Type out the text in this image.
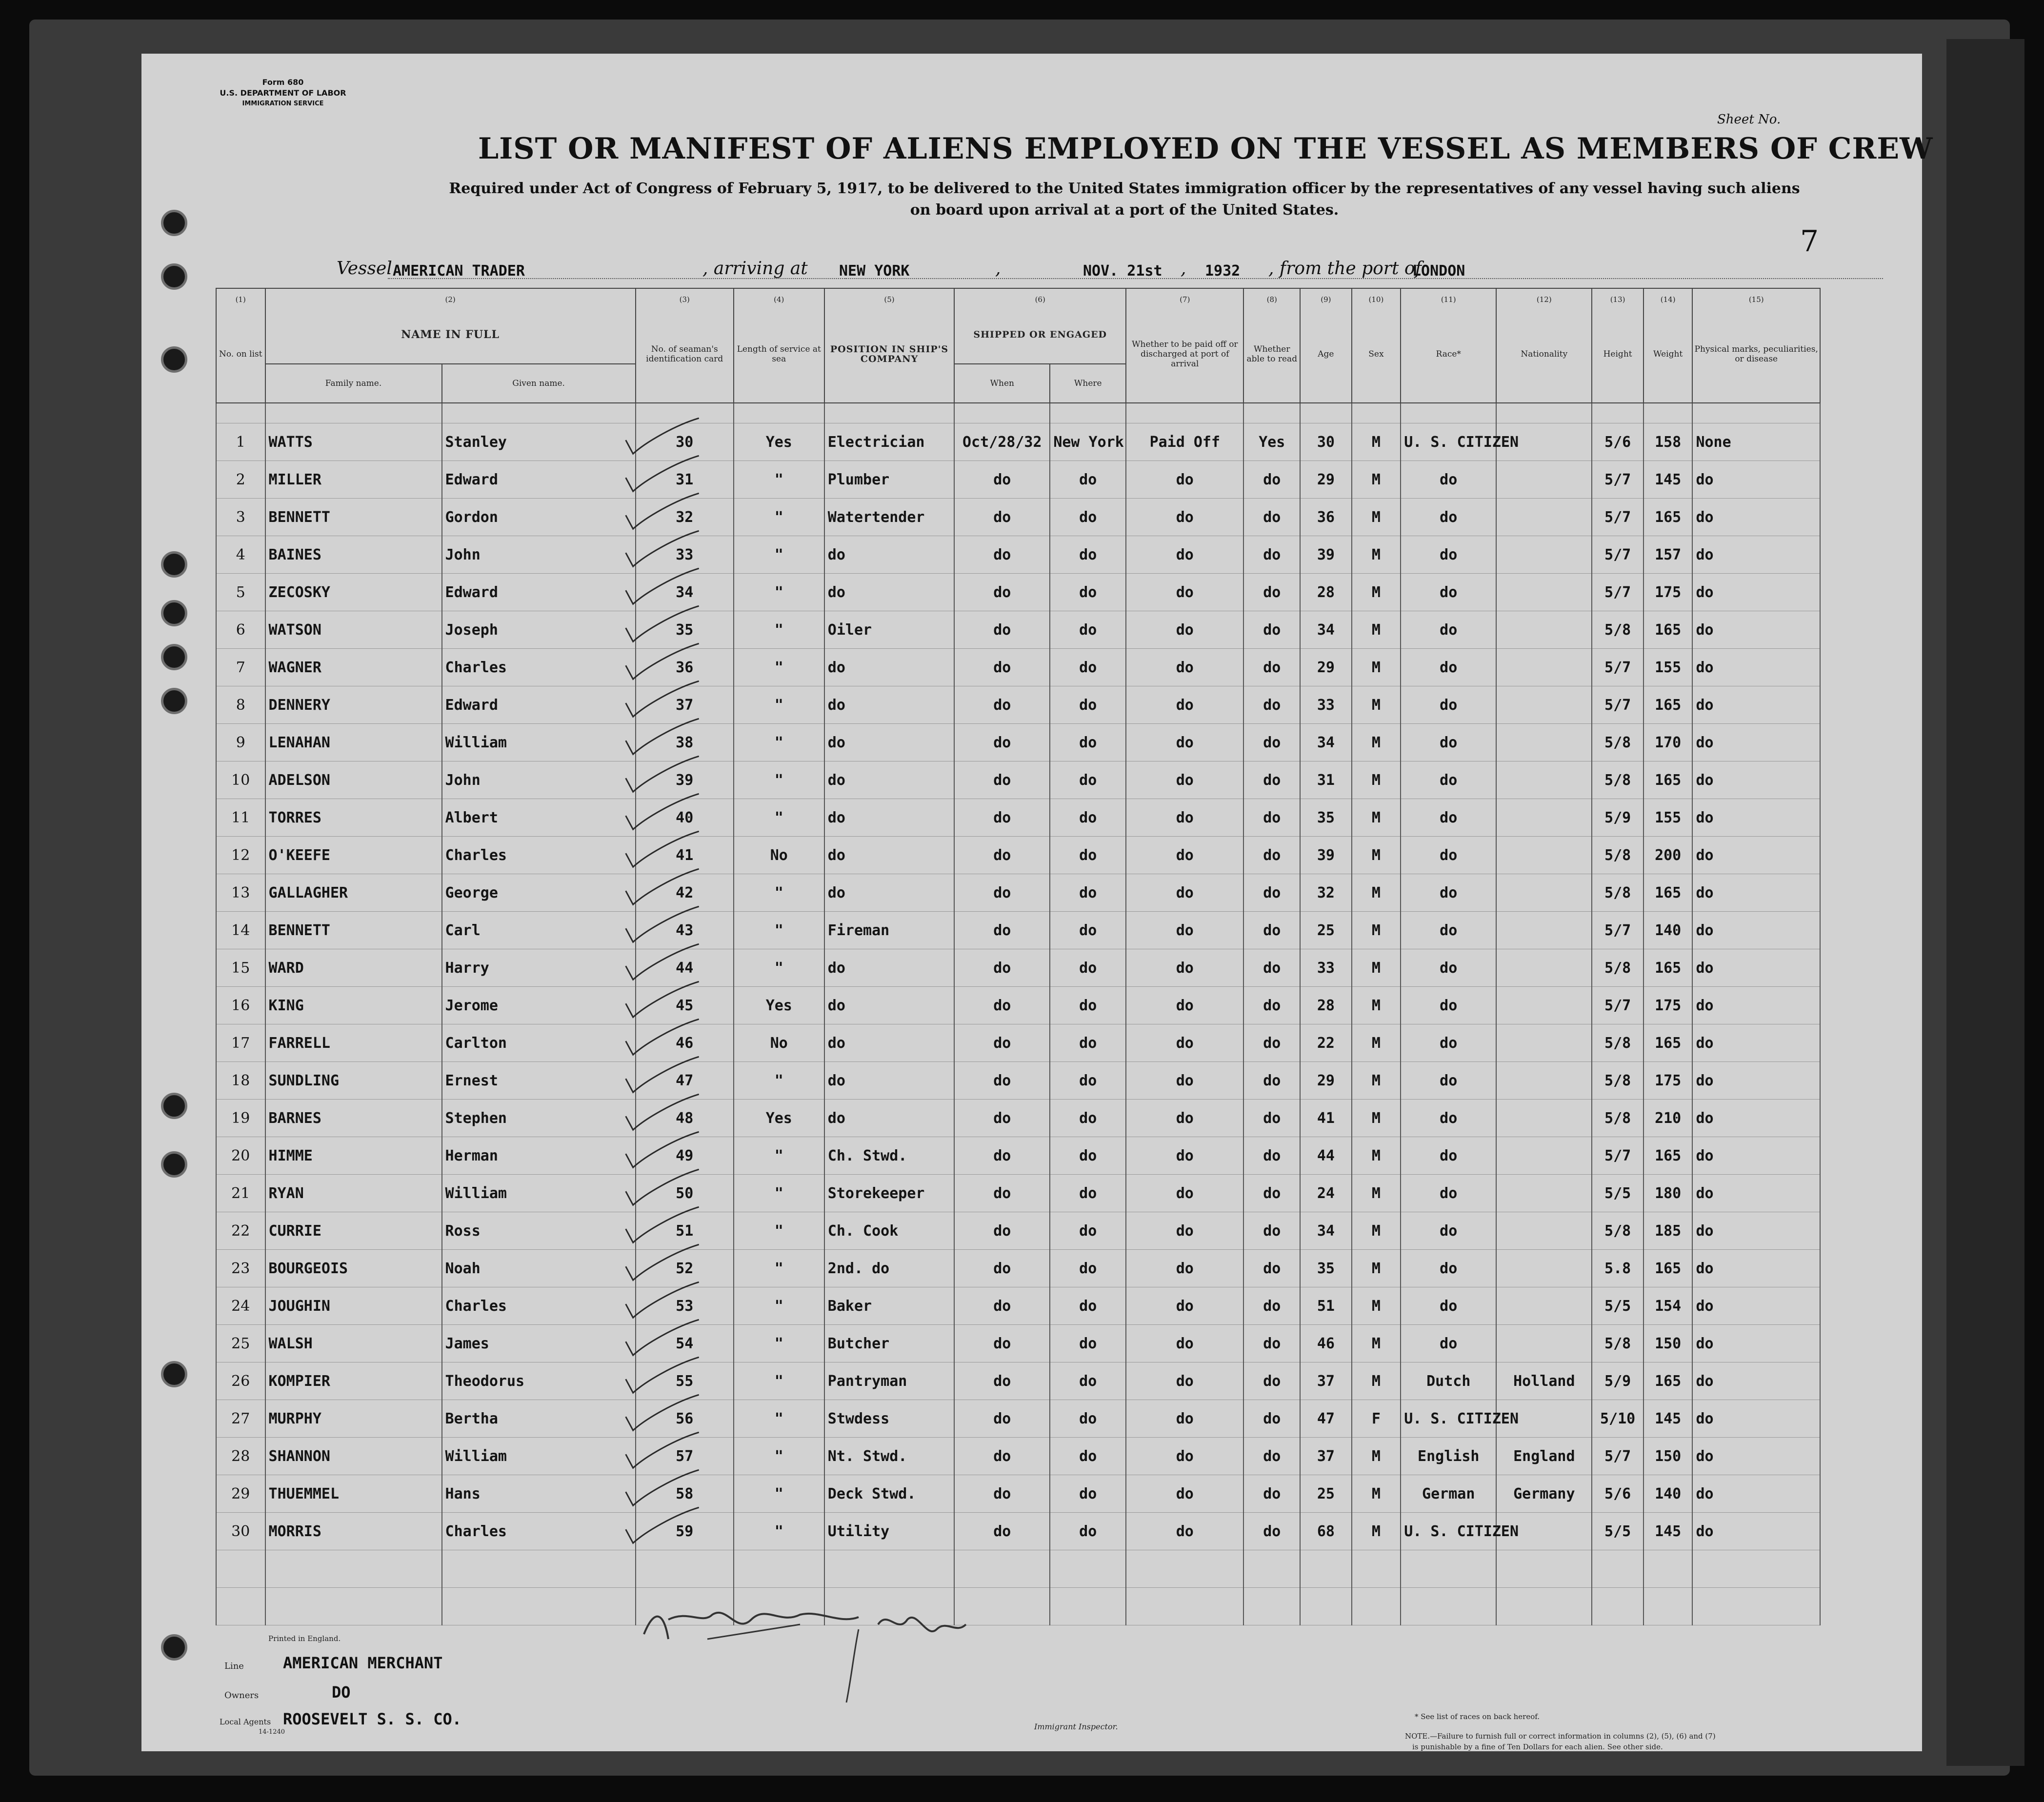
Form 680
U.S. DEPARTMENT OF LABOR
IMMIGRATION SERVICE
Sheet No.
LIST OR MANIFEST OF ALIENS EMPLOYED ON THE VESSEL AS MEMBERS OF CREW
Required under Act of Congress of February 5, 1917, to be delivered to the United States immigration officer by the representatives of any vessel having such aliens
on board upon arrival at a port of the United States.
7
Vessel AMERICAN TRADER	, arriving at NEW YORK	,	NOV. 21st , 1932 , from the port of
LONDON
(1)	(2)		(3)	(4)	(5)	(6)		(7)	(8)	(9)	(10)	(11)	(12)	(13)	(14)	(15)
No. on list	NAME IN FULL		No. of seaman's identification card	Length of service at sea	POSITION IN SHIP'S COMPANY	SHIPPED OR ENGAGED		Whether to be paid off or discharged at port of arrival	Whether able to read	Age	Sex	Race*	Nationality	Height	Weight	Physical marks, peculiarities, or disease
	Family name.	Given name.				When	Where									

1	WATTS	Stanley	30	Yes	Electrician	Oct/28/32	New York	Paid Off	Yes	30	M	U. S. CITIZEN		5/6	158	None
2	MILLER	Edward	31	"	Plumber	do	do	do	do	29	M	do		5/7	145	do
3	BENNETT	Gordon	32	"	Watertender	do	do	do	do	36	M	do		5/7	165	do
4	BAINES	John	33	"	do	do	do	do	do	39	M	do		5/7	157	do
5	ZECOSKY	Edward	34	"	do	do	do	do	do	28	M	do		5/7	175	do
6	WATSON	Joseph	35	"	Oiler	do	do	do	do	34	M	do		5/8	165	do
7	WAGNER	Charles	36	"	do	do	do	do	do	29	M	do		5/7	155	do
8	DENNERY	Edward	37	"	do	do	do	do	do	33	M	do		5/7	165	do
9	LENAHAN	William	38	"	do	do	do	do	do	34	M	do		5/8	170	do
10	ADELSON	John	39	"	do	do	do	do	do	31	M	do		5/8	165	do
11	TORRES	Albert	40	"	do	do	do	do	do	35	M	do		5/9	155	do
12	O'KEEFE	Charles	41	No	do	do	do	do	do	39	M	do		5/8	200	do
13	GALLAGHER	George	42	"	do	do	do	do	do	32	M	do		5/8	165	do
14	BENNETT	Carl	43	"	Fireman	do	do	do	do	25	M	do		5/7	140	do
15	WARD	Harry	44	"	do	do	do	do	do	33	M	do		5/8	165	do
16	KING	Jerome	45	Yes	do	do	do	do	do	28	M	do		5/7	175	do
17	FARRELL	Carlton	46	No	do	do	do	do	do	22	M	do		5/8	165	do
18	SUNDLING	Ernest	47	"	do	do	do	do	do	29	M	do		5/8	175	do
19	BARNES	Stephen	48	Yes	do	do	do	do	do	41	M	do		5/8	210	do
20	HIMME	Herman	49	"	Ch. Stwd.	do	do	do	do	44	M	do		5/7	165	do
21	RYAN	William	50	"	Storekeeper	do	do	do	do	24	M	do		5/5	180	do
22	CURRIE	Ross	51	"	Ch. Cook	do	do	do	do	34	M	do		5/8	185	do
23	BOURGEOIS	Noah	52	"	2nd. do	do	do	do	do	35	M	do		5.8	165	do
24	JOUGHIN	Charles	53	"	Baker	do	do	do	do	51	M	do		5/5	154	do
25	WALSH	James	54	"	Butcher	do	do	do	do	46	M	do		5/8	150	do
26	KOMPIER	Theodorus	55	"	Pantryman	do	do	do	do	37	M	Dutch	Holland	5/9	165	do
27	MURPHY	Bertha	56	"	Stwdess	do	do	do	do	47	F	U. S. CITIZEN		5/10	145	do
28	SHANNON	William	57	"	Nt. Stwd.	do	do	do	do	37	M	English	England	5/7	150	do
29	THUEMMEL	Hans	58	"	Deck Stwd.	do	do	do	do	25	M	German	Germany	5/6	140	do
30	MORRIS	Charles	59	"	Utility	do	do	do	do	68	M	U. S. CITIZEN		5/5	145	do

Printed in England.
Line	AMERICAN MERCHANT
Owners	DO
Local Agents
14-1240
ROOSEVELT S. S. CO.	Immigrant Inspector.
* See list of races on back hereof.
NOTE.—Failure to furnish full or correct information in columns (2), (5), (6) and (7)
is punishable by a fine of Ten Dollars for each alien. See other side.
